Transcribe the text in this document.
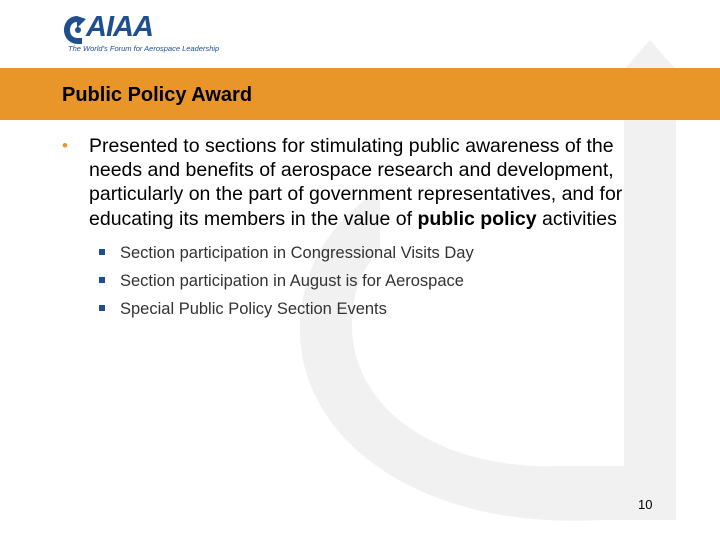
AIAA
The World's Forum for Aerospace Leadership
Public Policy Award
• Presented to sections for stimulating public awareness of the needs and benefits of aerospace research and development, particularly on the part of government representatives, and for educating its members in the value of public policy activities
Section participation in Congressional Visits Day
Section participation in August is for Aerospace
Special Public Policy Section Events
10
